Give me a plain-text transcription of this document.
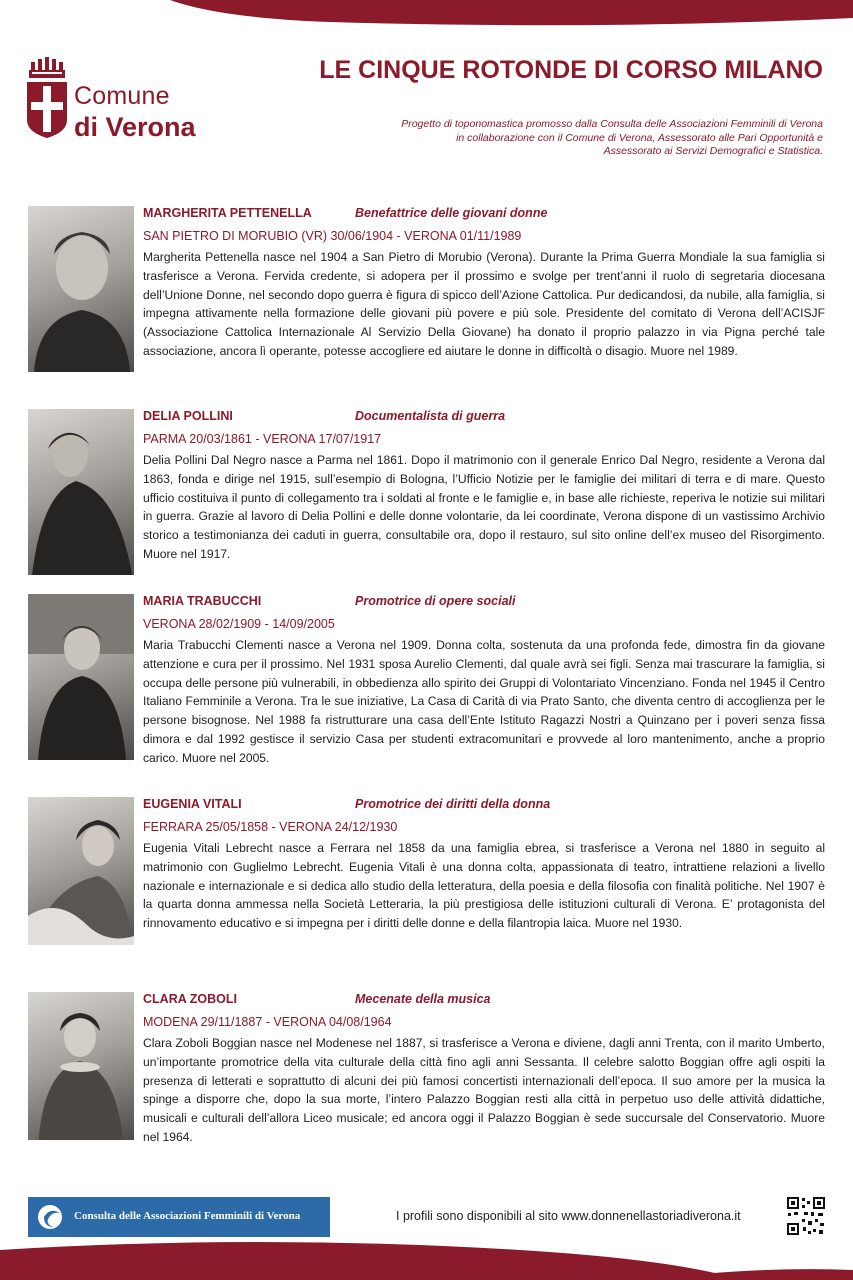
Comune
di Verona
LE CINQUE ROTONDE DI CORSO MILANO
Progetto di toponomastica promosso dalla Consulta delle Associazioni Femminili di Verona
in collaborazione con il Comune di Verona, Assessorato alle Pari Opportunità e
Assessorato ai Servizi Demografici e Statistica.
MARGHERITA PETTENELLA	Benefattrice delle giovani donne
SAN PIETRO DI MORUBIO (VR) 30/06/1904 - VERONA 01/11/1989
Margherita Pettenella nasce nel 1904 a San Pietro di Morubio (Verona). Durante la Prima Guerra Mondiale la sua famiglia si trasferisce a Verona. Fervida credente, si adopera per il prossimo e svolge per trent’anni il ruolo di segretaria diocesana dell’Unione Donne, nel secondo dopo guerra è figura di spicco dell’Azione Cattolica. Pur dedicandosi, da nubile, alla famiglia, si impegna attivamente nella formazione delle giovani più povere e più sole. Presidente del comitato di Verona dell’ACISJF (Associazione Cattolica Internazionale Al Servizio Della Giovane) ha donato il proprio palazzo in via Pigna perché tale associazione, ancora lì operante, potesse accogliere ed aiutare le donne in difficoltà o disagio. Muore nel 1989.
DELIA POLLINI	Documentalista di guerra
PARMA 20/03/1861 - VERONA 17/07/1917
Delia Pollini Dal Negro nasce a Parma nel 1861. Dopo il matrimonio con il generale Enrico Dal Negro, residente a Verona dal 1863, fonda e dirige nel 1915, sull’esempio di Bologna, l’Ufficio Notizie per le famiglie dei militari di terra e di mare. Questo ufficio costituiva il punto di collegamento tra i soldati al fronte e le famiglie e, in base alle richieste, reperiva le notizie sui militari in guerra. Grazie al lavoro di Delia Pollini e delle donne volontarie, da lei coordinate, Verona dispone di un vastissimo Archivio storico a testimonianza dei caduti in guerra, consultabile ora, dopo il restauro, sul sito online dell’ex museo del Risorgimento. Muore nel 1917.
MARIA TRABUCCHI	Promotrice di opere sociali
VERONA 28/02/1909 - 14/09/2005
Maria Trabucchi Clementi nasce a Verona nel 1909. Donna colta, sostenuta da una profonda fede, dimostra fin da giovane attenzione e cura per il prossimo. Nel 1931 sposa Aurelio Clementi, dal quale avrà sei figli. Senza mai trascurare la famiglia, si occupa delle persone più vulnerabili, in obbedienza allo spirito dei Gruppi di Volontariato Vincenziano. Fonda nel 1945 il Centro Italiano Femminile a Verona. Tra le sue iniziative, La Casa di Carità di via Prato Santo, che diventa centro di accoglienza per le persone bisognose. Nel 1988 fa ristrutturare una casa dell’Ente Istituto Ragazzi Nostri a Quinzano per i poveri senza fissa dimora e dal 1992 gestisce il servizio Casa per studenti extracomunitari e provvede al loro mantenimento, anche a proprio carico. Muore nel 2005.
EUGENIA VITALI	Promotrice dei diritti della donna
FERRARA 25/05/1858 - VERONA 24/12/1930
Eugenia Vitali Lebrecht nasce a Ferrara nel 1858 da una famiglia ebrea, si trasferisce a Verona nel 1880 in seguito al matrimonio con Guglielmo Lebrecht. Eugenia Vitali è una donna colta, appassionata di teatro, intrattiene relazioni a livello nazionale e internazionale e si dedica allo studio della letteratura, della poesia e della filosofia con finalità politiche. Nel 1907 è la quarta donna ammessa nella Società Letteraria, la più prestigiosa delle istituzioni culturali di Verona. E’ protagonista del rinnovamento educativo e si impegna per i diritti delle donne e della filantropia laica. Muore nel 1930.
CLARA ZOBOLI	Mecenate della musica
MODENA 29/11/1887 - VERONA 04/08/1964
Clara Zoboli Boggian nasce nel Modenese nel 1887, si trasferisce a Verona e diviene, dagli anni Trenta, con il marito Umberto, un’importante promotrice della vita culturale della città fino agli anni Sessanta. Il celebre salotto Boggian offre agli ospiti la presenza di letterati e soprattutto di alcuni dei più famosi concertisti internazionali dell’epoca. Il suo amore per la musica la spinge a disporre che, dopo la sua morte, l’intero Palazzo Boggian resti alla città in perpetuo uso delle attività didattiche, musicali e culturali dell’allora Liceo musicale; ed ancora oggi il Palazzo Boggian è sede succursale del Conservatorio. Muore nel 1964.
Consulta delle Associazioni Femminili di Verona	I profili sono disponibili al sito www.donnenellastoriadiverona.it
